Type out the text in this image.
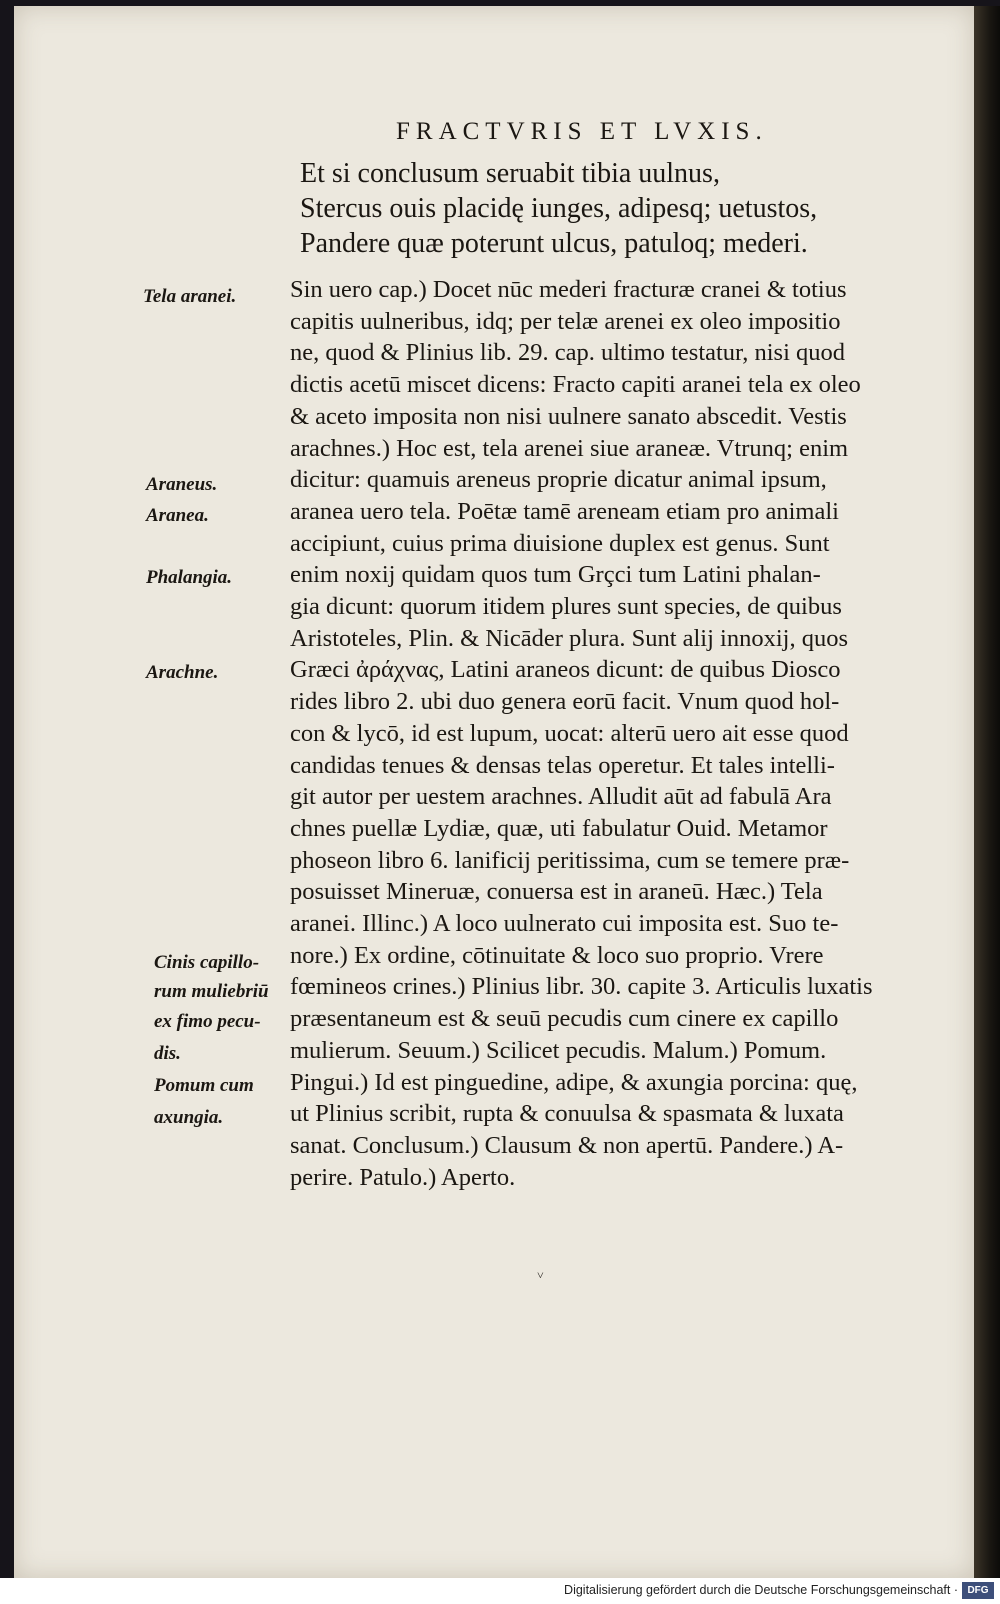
FRACTVRIS ET LVXIS.
Et si conclusum seruabit tibia uulnus,
Stercus ouis placidę iunges, adipesq; uetustos,
Pandere quæ poterunt ulcus, patuloq; mederi.
Tela aranei.
Araneus.
Aranea.
Phalangia.
Arachne.
Cinis capillo-
rum muliebriū
ex fimo pecu-
dis.
Pomum cum
axungia.
Sin uero cap.) Docet nūc mederi fracturæ cranei & totius
capitis uulneribus, idq; per telæ arenei ex oleo impositio
ne, quod & Plinius lib. 29. cap. ultimo testatur, nisi quod
dictis acetū miscet dicens: Fracto capiti aranei tela ex oleo
& aceto imposita non nisi uulnere sanato abscedit. Vestis
arachnes.) Hoc est, tela arenei siue araneæ. Vtrunq; enim
dicitur: quamuis areneus proprie dicatur animal ipsum,
aranea uero tela. Poētæ tamē areneam etiam pro animali
accipiunt, cuius prima diuisione duplex est genus. Sunt
enim noxij quidam quos tum Grçci tum Latini phalan-
gia dicunt: quorum itidem plures sunt species, de quibus
Aristoteles, Plin. & Nicāder plura. Sunt alij innoxij, quos
Græci ἀράχνας, Latini araneos dicunt: de quibus Diosco
rides libro 2. ubi duo genera eorū facit. Vnum quod hol-
con & lycō, id est lupum, uocat: alterū uero ait esse quod
candidas tenues & densas telas operetur. Et tales intelli-
git autor per uestem arachnes. Alludit aūt ad fabulā Ara
chnes puellæ Lydiæ, quæ, uti fabulatur Ouid. Metamor
phoseon libro 6. lanificij peritissima, cum se temere præ-
posuisset Mineruæ, conuersa est in araneū. Hæc.) Tela
aranei. Illinc.) A loco uulnerato cui imposita est. Suo te-
nore.) Ex ordine, cōtinuitate & loco suo proprio. Vrere
fœmineos crines.) Plinius libr. 30. capite 3. Articulis luxatis
præsentaneum est & seuū pecudis cum cinere ex capillo
mulierum. Seuum.) Scilicet pecudis. Malum.) Pomum.
Pingui.) Id est pinguedine, adipe, & axungia porcina: quę,
ut Plinius scribit, rupta & conuulsa & spasmata & luxata
sanat. Conclusum.) Clausum & non apertū. Pandere.) A-
perire. Patulo.) Aperto.
˅
Digitalisierung gefördert durch die Deutsche Forschungsgemeinschaft · DFG
